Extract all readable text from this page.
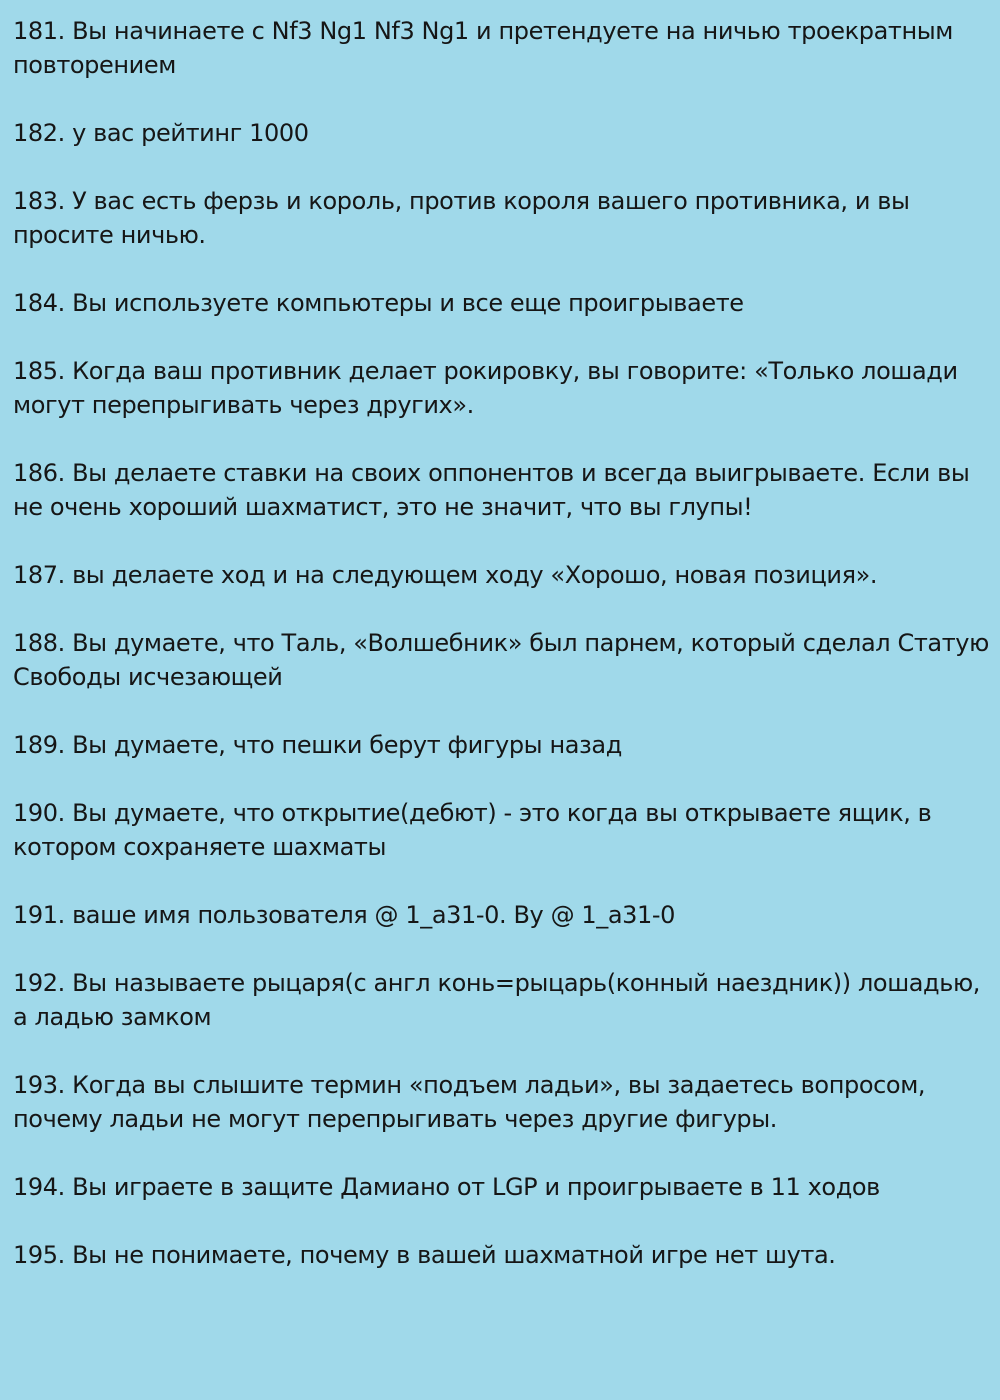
181. Вы начинаете с Nf3 Ng1 Nf3 Ng1 и претендуете на ничью троекратным повторением

182. у вас рейтинг 1000

183. У вас есть ферзь и король, против короля вашего противника, и вы просите ничью.

184. Вы используете компьютеры и все еще проигрываете

185. Когда ваш противник делает рокировку, вы говорите: «Только лошади могут перепрыгивать через других».

186. Вы делаете ставки на своих оппонентов и всегда выигрываете. Если вы не очень хороший шахматист, это не значит, что вы глупы!

187. вы делаете ход и на следующем ходу «Хорошо, новая позиция».

188. Вы думаете, что Таль, «Волшебник» был парнем, который сделал Статую Свободы исчезающей

189. Вы думаете, что пешки берут фигуры назад

190. Вы думаете, что открытие(дебют) - это когда вы открываете ящик, в котором сохраняете шахматы

191. ваше имя пользователя @ 1_a31-0. By @ 1_a31-0

192. Вы называете рыцаря(с англ конь=рыцарь(конный наездник)) лошадью, а ладью замком

193. Когда вы слышите термин «подъем ладьи», вы задаетесь вопросом, почему ладьи не могут перепрыгивать через другие фигуры.

194. Вы играете в защите Дамиано от LGP и проигрываете в 11 ходов

195. Вы не понимаете, почему в вашей шахматной игре нет шута.
